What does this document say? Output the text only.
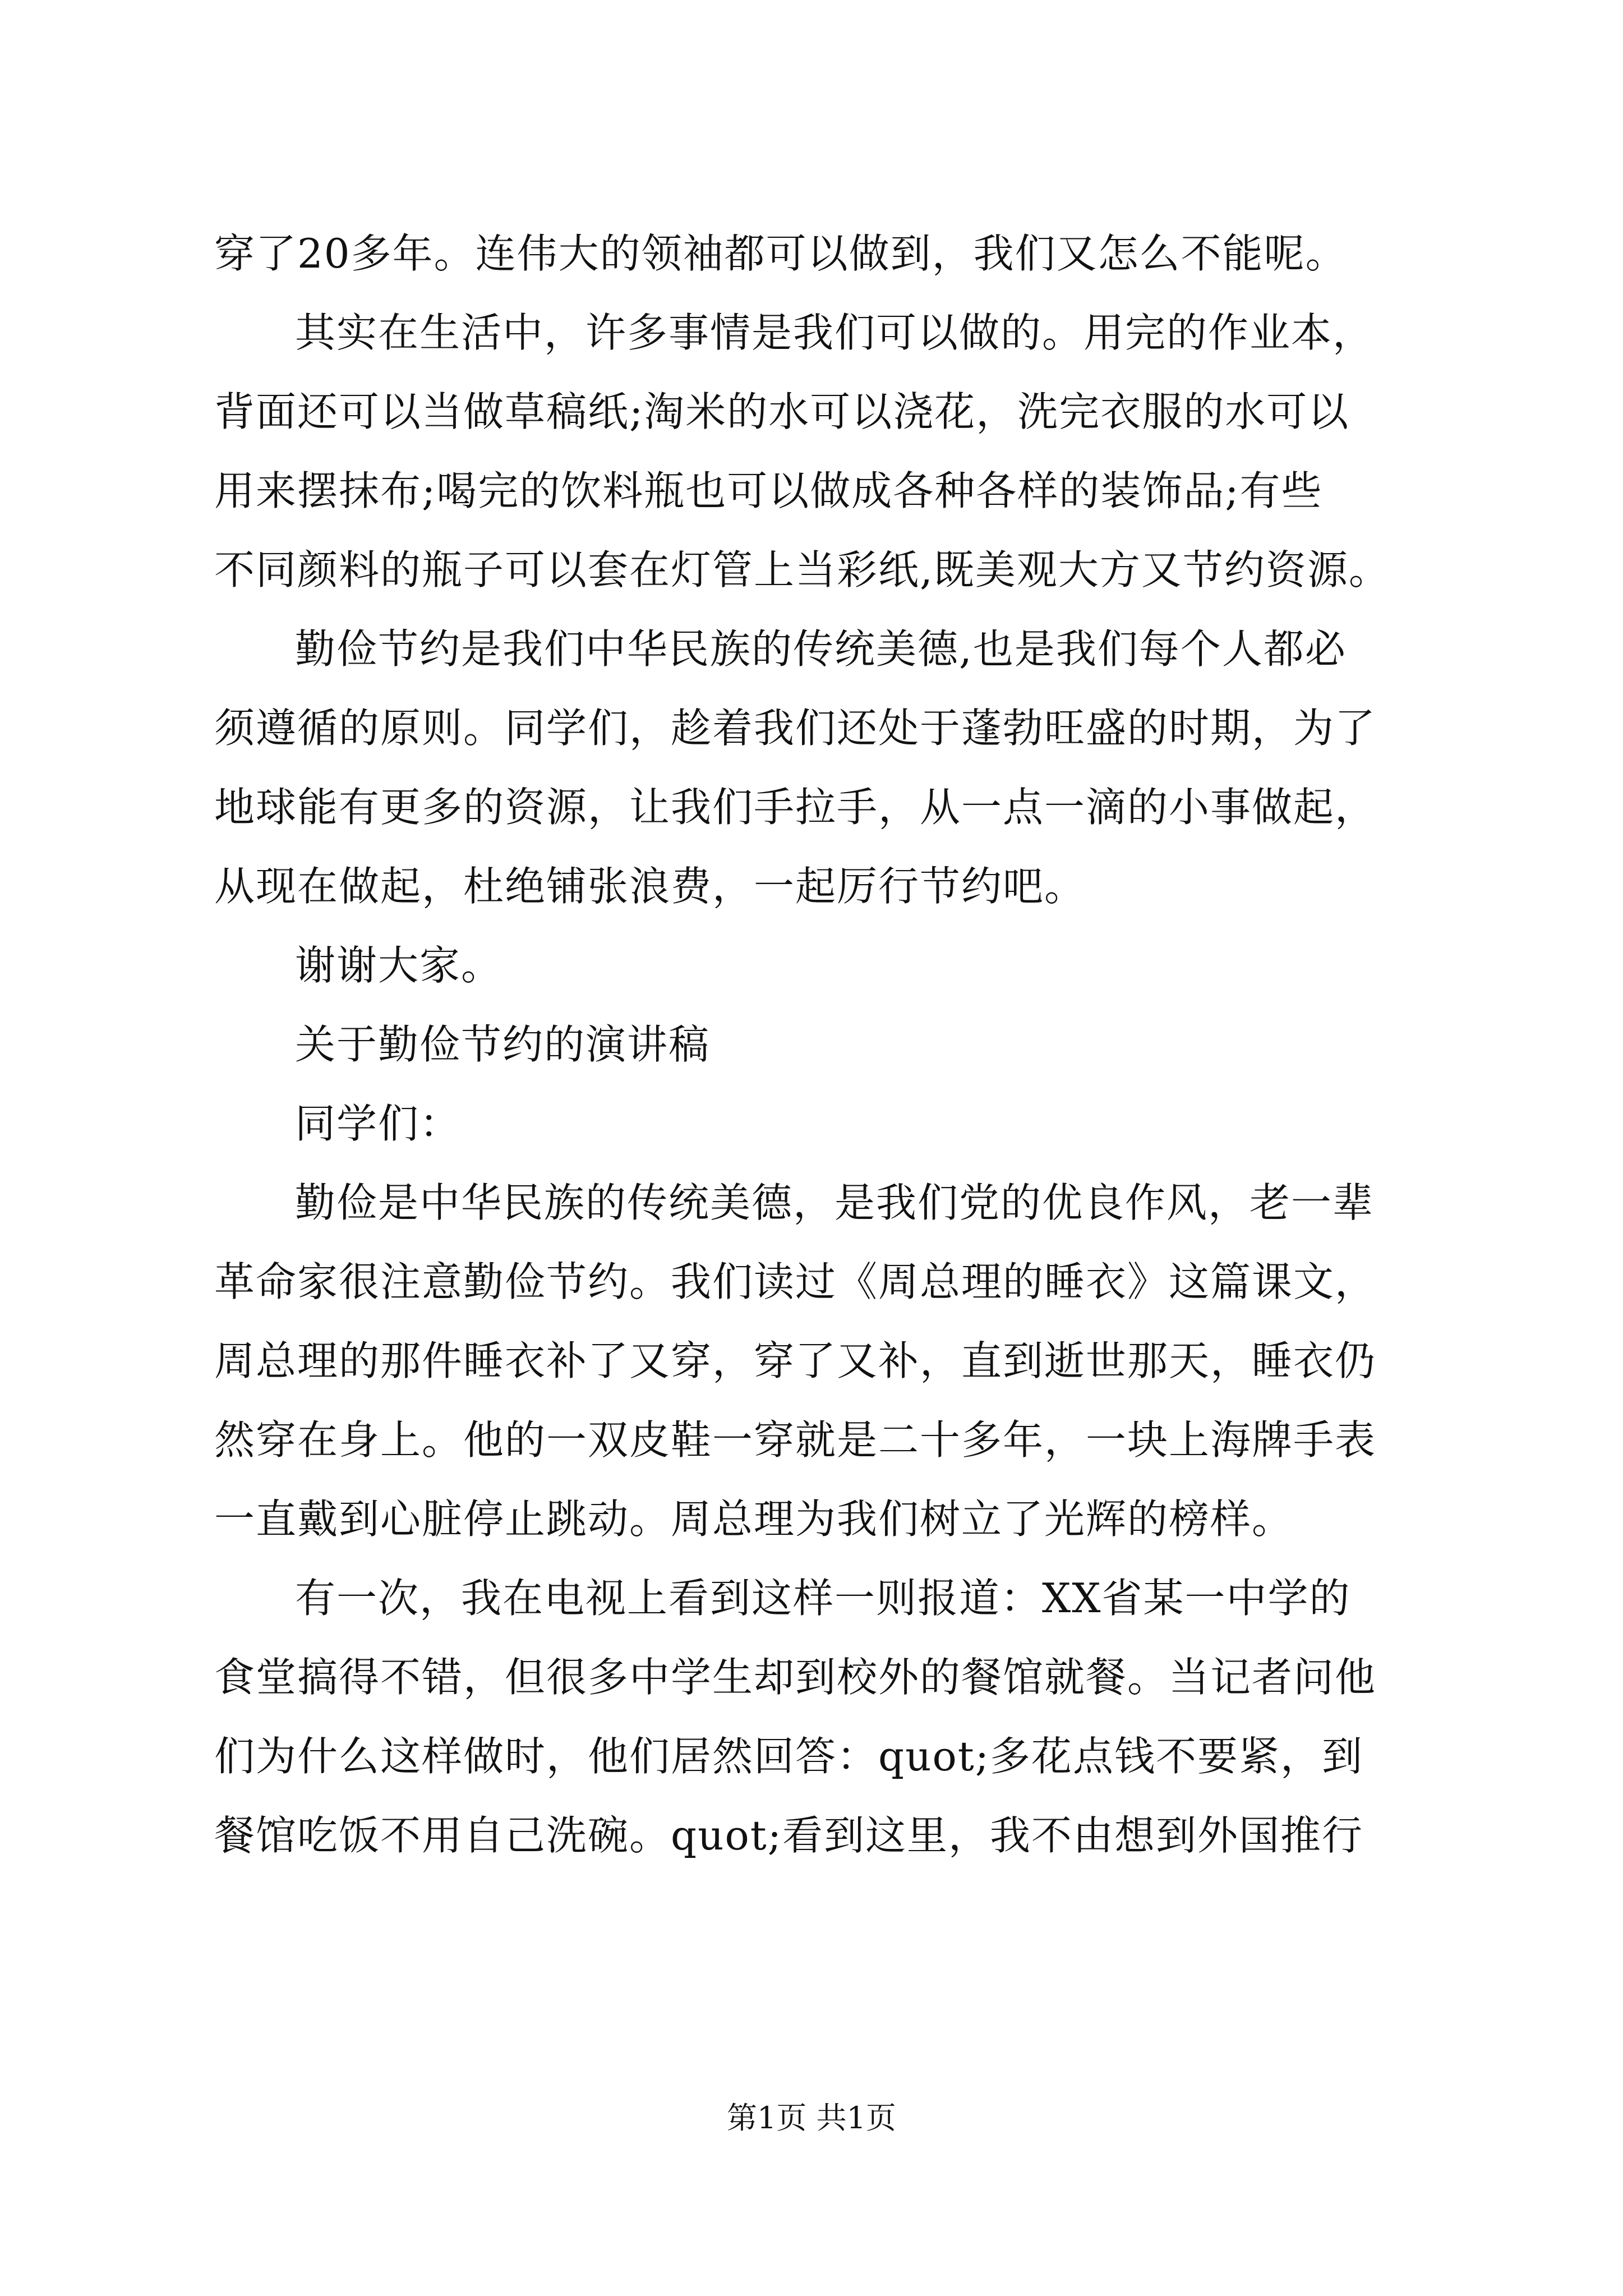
穿了20多年。连伟大的领袖都可以做到，我们又怎么不能呢。
其实在生活中，许多事情是我们可以做的。用完的作业本，
背面还可以当做草稿纸;淘米的水可以浇花，洗完衣服的水可以
用来摆抹布;喝完的饮料瓶也可以做成各种各样的装饰品;有些
不同颜料的瓶子可以套在灯管上当彩纸,既美观大方又节约资源。
勤俭节约是我们中华民族的传统美德,也是我们每个人都必
须遵循的原则。同学们，趁着我们还处于蓬勃旺盛的时期，为了
地球能有更多的资源，让我们手拉手，从一点一滴的小事做起，
从现在做起，杜绝铺张浪费，一起厉行节约吧。
谢谢大家。
关于勤俭节约的演讲稿
同学们：
勤俭是中华民族的传统美德，是我们党的优良作风，老一辈
革命家很注意勤俭节约。我们读过《周总理的睡衣》这篇课文，
周总理的那件睡衣补了又穿，穿了又补，直到逝世那天，睡衣仍
然穿在身上。他的一双皮鞋一穿就是二十多年，一块上海牌手表
一直戴到心脏停止跳动。周总理为我们树立了光辉的榜样。
有一次，我在电视上看到这样一则报道：XX省某一中学的
食堂搞得不错，但很多中学生却到校外的餐馆就餐。当记者问他
们为什么这样做时，他们居然回答：quot;多花点钱不要紧，到
餐馆吃饭不用自己洗碗。quot;看到这里，我不由想到外国推行
第1页 共1页
